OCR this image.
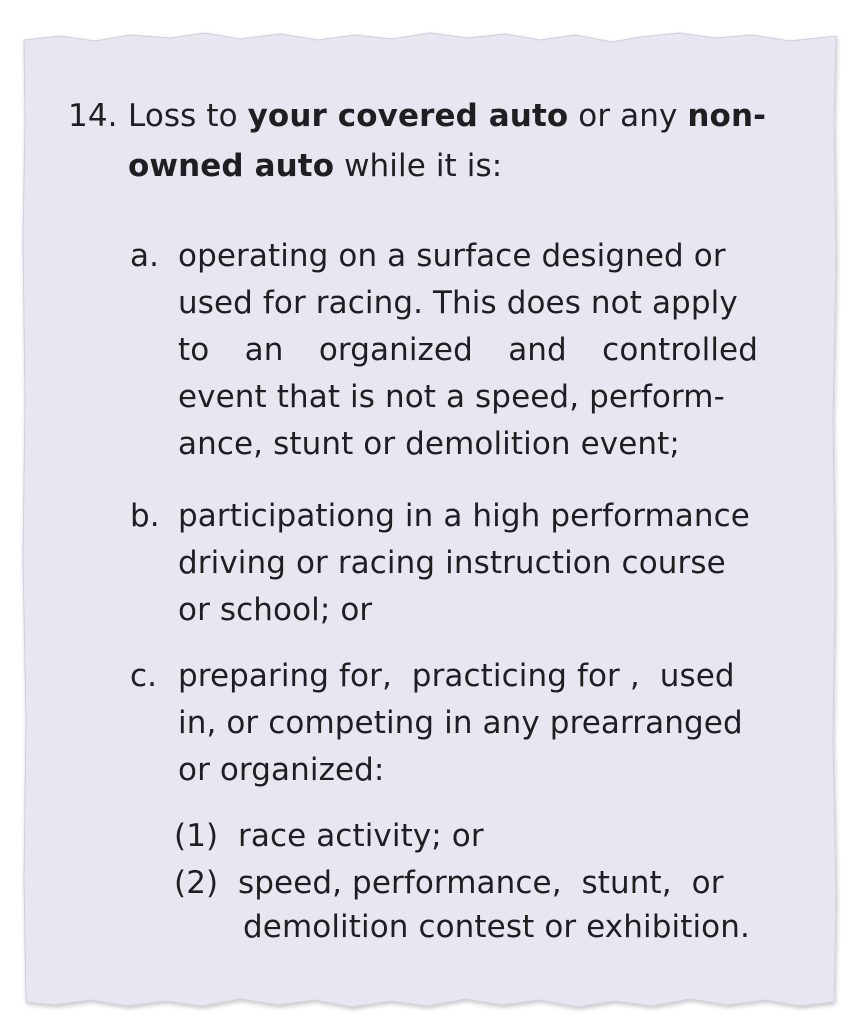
14. Loss to your covered auto or any non-
owned auto while it is:
a. operating on a surface designed or
used for racing. This does not apply
to an organized and controlled
event that is not a speed, perform-
ance, stunt or demolition event;
b. participationg in a high performance
driving or racing instruction course
or school; or
c. preparing for,  practicing for ,  used
in, or competing in any prearranged
or organized:
(1) race activity; or
(2) speed, performance,  stunt,  or
demolition contest or exhibition.
